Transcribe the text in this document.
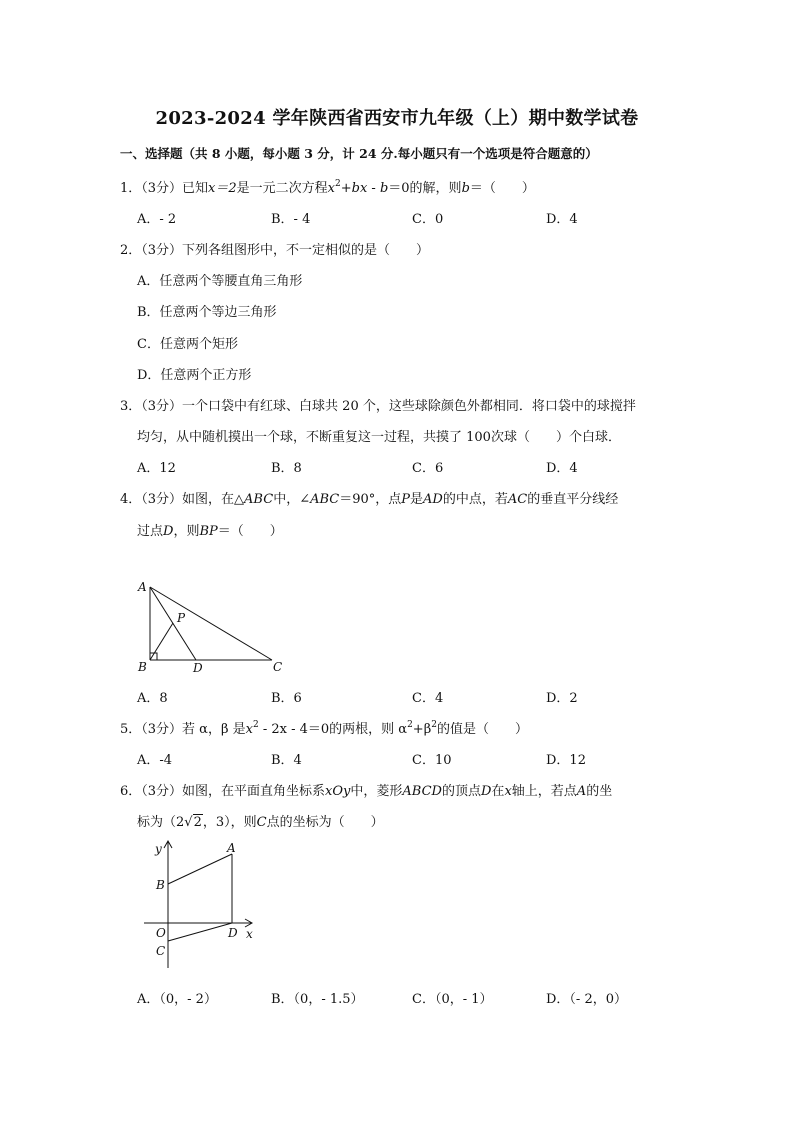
2023-2024 学年陕西省西安市九年级（上）期中数学试卷
一、选择题（共 8 小题，每小题 3 分，计 24 分.每小题只有一个选项是符合题意的）
1．（3分）已知x＝2是一元二次方程$x^2+bx - b=0$的解，则b＝（　　）
A．- 2	B．- 4	C．0	D．4
2．（3分）下列各组图形中，不一定相似的是（　　）
A．任意两个等腰直角三角形
B．任意两个等边三角形
C．任意两个矩形
D．任意两个正方形
3．（3分）一个口袋中有红球、白球共 20 个，这些球除颜色外都相同．将口袋中的球搅拌
均匀，从中随机摸出一个球，不断重复这一过程，共摸了 100次球（　　）个白球．
A．12	B．8	C．6	D．4
4．（3分）如图，在△ABC中，∠ABC＝90°，点P是AD的中点，若AC的垂直平分线经
过点D，则BP＝（　　）
A
B	C
D
P
A．8	B．6	C．4	D．2
5．（3分）若 α，β 是$x^2 - 2x - 4=0$的两根，则 $\alpha^2+\beta^2$的值是（　　）
A．-4	B．4	C．10	D．12
6．（3分）如图，在平面直角坐标系xOy中，菱形ABCD的顶点D在x轴上，若点A的坐
标为（2√2，3），则C点的坐标为（　　）
y
x
A
B
O	D
C
A．（0，- 2）	B．（0，- 1.5）	C．（0，- 1）	D．（- 2，0）
